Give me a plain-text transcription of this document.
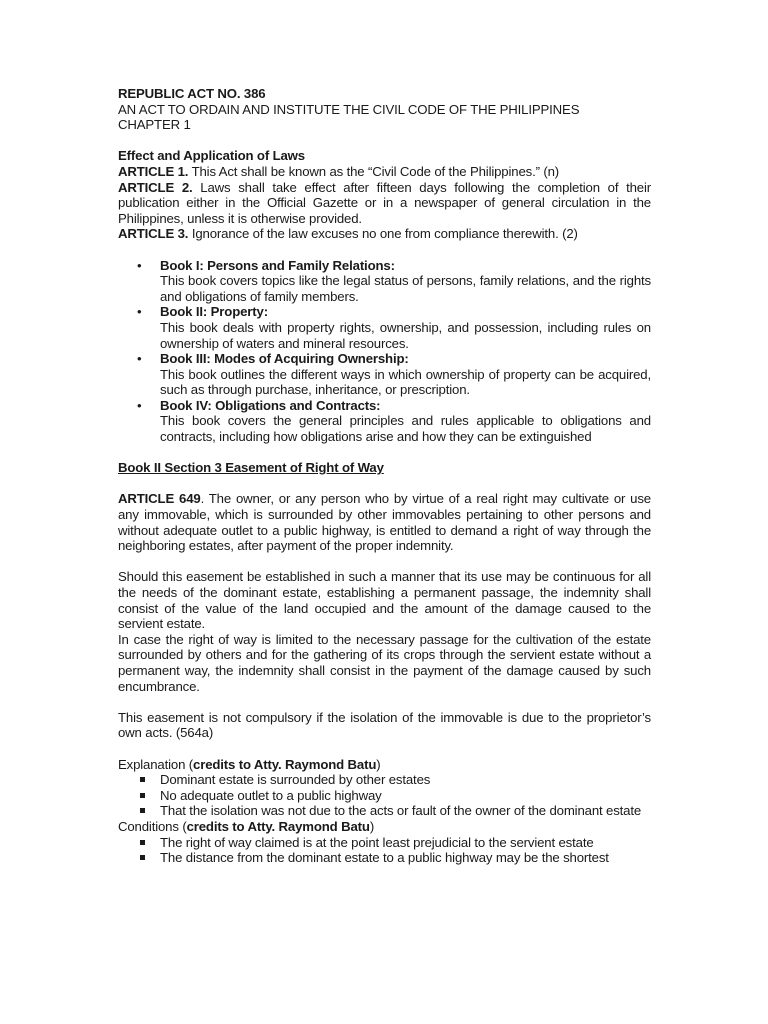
REPUBLIC ACT NO. 386
AN ACT TO ORDAIN AND INSTITUTE THE CIVIL CODE OF THE PHILIPPINES
CHAPTER 1
Effect and Application of Laws

ARTICLE 1. This Act shall be known as the “Civil Code of the Philippines.” (n)

ARTICLE 2. Laws shall take effect after fifteen days following the completion of their publication either in the Official Gazette or in a newspaper of general circulation in the Philippines, unless it is otherwise provided.

ARTICLE 3. Ignorance of the law excuses no one from compliance therewith. (2)

• Book I: Persons and Family Relations:
This book covers topics like the legal status of persons, family relations, and the rights and obligations of family members.
• Book II: Property:
This book deals with property rights, ownership, and possession, including rules on ownership of waters and mineral resources.
• Book III: Modes of Acquiring Ownership:
This book outlines the different ways in which ownership of property can be acquired, such as through purchase, inheritance, or prescription.
• Book IV: Obligations and Contracts:
This book covers the general principles and rules applicable to obligations and contracts, including how obligations arise and how they can be extinguished
Book II Section 3 Easement of Right of Way

ARTICLE 649. The owner, or any person who by virtue of a real right may cultivate or use any immovable, which is surrounded by other immovables pertaining to other persons and without adequate outlet to a public highway, is entitled to demand a right of way through the neighboring estates, after payment of the proper indemnity.

Should this easement be established in such a manner that its use may be continuous for all the needs of the dominant estate, establishing a permanent passage, the indemnity shall consist of the value of the land occupied and the amount of the damage caused to the servient estate.

In case the right of way is limited to the necessary passage for the cultivation of the estate surrounded by others and for the gathering of its crops through the servient estate without a permanent way, the indemnity shall consist in the payment of the damage caused by such encumbrance.

This easement is not compulsory if the isolation of the immovable is due to the proprietor’s own acts. (564a)

Explanation (credits to Atty. Raymond Batu)

Dominant estate is surrounded by other estates
No adequate outlet to a public highway
That the isolation was not due to the acts or fault of the owner of the dominant estate

Conditions (credits to Atty. Raymond Batu)

The right of way claimed is at the point least prejudicial to the servient estate
The distance from the dominant estate to a public highway may be the shortest
